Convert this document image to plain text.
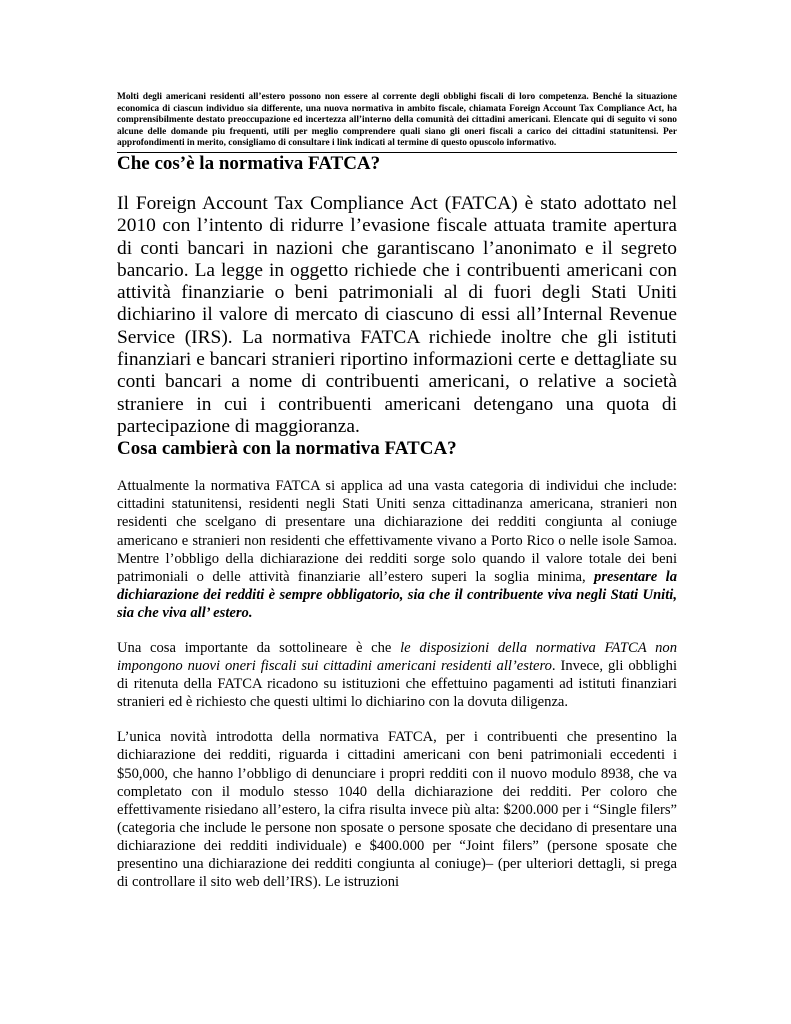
Molti degli americani residenti all’estero possono non essere al corrente degli obblighi fiscali di loro competenza. Benché la situazione economica di ciascun individuo sia differente, una nuova normativa in ambito fiscale, chiamata Foreign Account Tax Compliance Act, ha comprensibilmente destato preoccupazione ed incertezza all’interno della comunità dei cittadini americani. Elencate qui di seguito vi sono alcune delle domande piu frequenti, utili per meglio comprendere quali siano gli oneri fiscali a carico dei cittadini statunitensi. Per approfondimenti in merito, consigliamo di consultare i link indicati al termine di questo opuscolo informativo.
Che cos’è la normativa FATCA?

Il Foreign Account Tax Compliance Act (FATCA) è stato adottato nel 2010 con l’intento di ridurre l’evasione fiscale attuata tramite apertura di conti bancari in nazioni che garantiscano l’anonimato e il segreto bancario. La legge in oggetto richiede che i contribuenti americani con attività finanziarie o beni patrimoniali al di fuori degli Stati Uniti dichiarino il valore di mercato di ciascuno di essi all’Internal Revenue Service (IRS). La normativa FATCA richiede inoltre che gli istituti finanziari e bancari stranieri riportino informazioni certe e dettagliate su conti bancari a nome di contribuenti americani, o relative a società straniere in cui i contribuenti americani detengano una quota di partecipazione di maggioranza.

Cosa cambierà con la normativa FATCA?

Attualmente la normativa FATCA si applica ad una vasta categoria di individui che include: cittadini statunitensi, residenti negli Stati Uniti senza cittadinanza americana, stranieri non residenti che scelgano di presentare una dichiarazione dei redditi congiunta al coniuge americano e stranieri non residenti che effettivamente vivano a Porto Rico o nelle isole Samoa. Mentre l’obbligo della dichiarazione dei redditi sorge solo quando il valore totale dei beni patrimoniali o delle attività finanziarie all’estero superi la soglia minima, presentare la dichiarazione dei redditi è sempre obbligatorio, sia che il contribuente viva negli Stati Uniti, sia che viva all’ estero.

Una cosa importante da sottolineare è che le disposizioni della normativa FATCA non impongono nuovi oneri fiscali sui cittadini americani residenti all’estero. Invece, gli obblighi di ritenuta della FATCA ricadono su istituzioni che effettuino pagamenti ad istituti finanziari stranieri ed è richiesto che questi ultimi lo dichiarino con la dovuta diligenza.

L’unica novità introdotta della normativa FATCA, per i contribuenti che presentino la dichiarazione dei redditi, riguarda i cittadini americani con beni patrimoniali eccedenti i $50,000, che hanno l’obbligo di denunciare i propri redditi con il nuovo modulo 8938, che va completato con il modulo stesso 1040 della dichiarazione dei redditi. Per coloro che effettivamente risiedano all’estero, la cifra risulta invece più alta: $200.000 per i “Single filers” (categoria che include le persone non sposate o persone sposate che decidano di presentare una dichiarazione dei redditi individuale) e $400.000 per “Joint filers” (persone sposate che presentino una dichiarazione dei redditi congiunta al coniuge)– (per ulteriori dettagli, si prega di controllare il sito web dell’IRS). Le istruzioni
